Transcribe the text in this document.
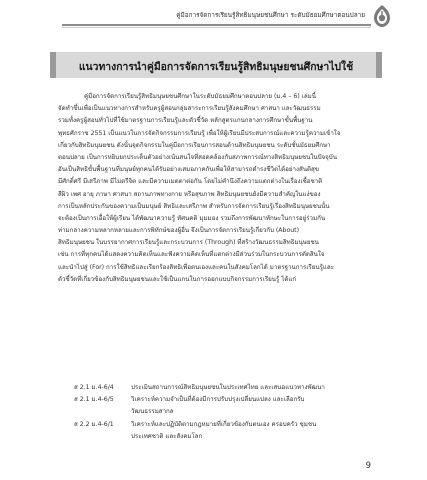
คู่มือการจัดการเรียนรู้สิทธิมนุษยชนศึกษา ระดับมัธยมศึกษาตอนปลาย
แนวทางการนำคู่มือการจัดการเรียนรู้สิทธิมนุษยชนศึกษาไปใช้
คู่มือการจัดการเรียนรู้สิทธิมนุษยชนศึกษาในระดับมัธยมศึกษาตอนปลาย (ม.4 – 6) เล่มนี้
จัดทำขึ้นเพื่อเป็นแนวทางการสำหรับครูผู้สอนกลุ่มสาระการเรียนรู้สังคมศึกษา ศาสนา และวัฒนธรรม
รวมทั้งครูผู้สอนทั่วไปที่ใช้มาตรฐานการเรียนรู้และตัวชี้วัด หลักสูตรแกนกลางการศึกษาขั้นพื้นฐาน
พุทธศักราช 2551 เป็นแนวในการจัดกิจกรรมการเรียนรู้ เพื่อให้ผู้เรียนมีประสบการณ์และความรู้ความเข้าใจ
เกี่ยวกับสิทธิมนุษยชน ดังนั้นจุดกิจกรรมในคู่มือการเรียนการสอนด้านสิทธิมนุษยชน ระดับชั้นมัธยมศึกษา
ตอนปลาย เป็นการหยิบยกประเด็นตัวอย่างเน้นสนใจที่สอดคล้องกับสภาพการณ์ทางสิทธิมนุษยชนในปัจจุบัน
อันเป็นสิทธิขั้นพื้นฐานที่มนุษย์ทุกคนได้รับอย่างเสมอภาคกันเพื่อให้สามารถดำรงชีวิตได้อย่างสันติสุข
มีศักดิ์ศรี มีเสรีภาพ มีไมตรีจิต และมีความเมตตาต่อกัน โดยไม่คำนึงถึงความแตกต่างในเรื่องเชื้อชาติ
สีผิว เพศ อายุ ภาษา ศาสนา สถานภาพทางกาย หรือสุขภาพ สิทธิมนุษยชนยังมีความสำคัญในแง่ของ
การเป็นหลักประกันของความเป็นมนุษย์ สิทธิและเสรีภาพ สำหรับการจัดการเรียนรู้เรื่องสิทธิมนุษยชนนั้น
จะต้องเป็นการเอื้อให้ผู้เรียน ได้พัฒนาความรู้ ทัศนคติ มุมมอง รวมถึงการพัฒนาทักษะในการอยู่ร่วมกัน
ท่ามกลางความหลากหลายและการพิทักษ์ของผู้อื่น จึงเป็นการจัดการเรียนรู้เกี่ยวกับ (About)
สิทธิมนุษยชน ในบรรยากาศการเรียนรู้และกระบวนการ (Through) ที่สร้างวัฒนธรรมสิทธิมนุษยชน
เช่น การที่ทุกคนได้แสดงความคิดเห็นและฟังความคิดเห็นที่แตกต่างมีส่วนร่วมในกระบวนการตัดสินใจ
และนำไปสู่ (For) การใช้สิทธิและเรียกร้องสิทธิเพื่อตนเองและคนในสังคมโลกได้ มาตรฐานการเรียนรู้และ
ตัวชี้วัดที่เกี่ยวข้องกับสิทธิมนุษยชนและใช้เป็นแกนในการออกแบบกิจกรรมการเรียนรู้ ได้แก่
ส 2.1 ม.4-6/4	ประเมินสถานการณ์สิทธิมนุษยชนในประเทศไทย และเสนอแนวทางพัฒนา
ส 2.1 ม.4-6/5	วิเคราะห์ความจำเป็นที่ต้องมีการปรับปรุงเปลี่ยนแปลง และเลือกรับ
วัฒนธรรมสากล
ส 2.2 ม.4-6/1	วิเคราะห์และปฏิบัติตามกฎหมายที่เกี่ยวข้องกับตนเอง ครอบครัว ชุมชน
ประเทศชาติ และสังคมโลก
9
